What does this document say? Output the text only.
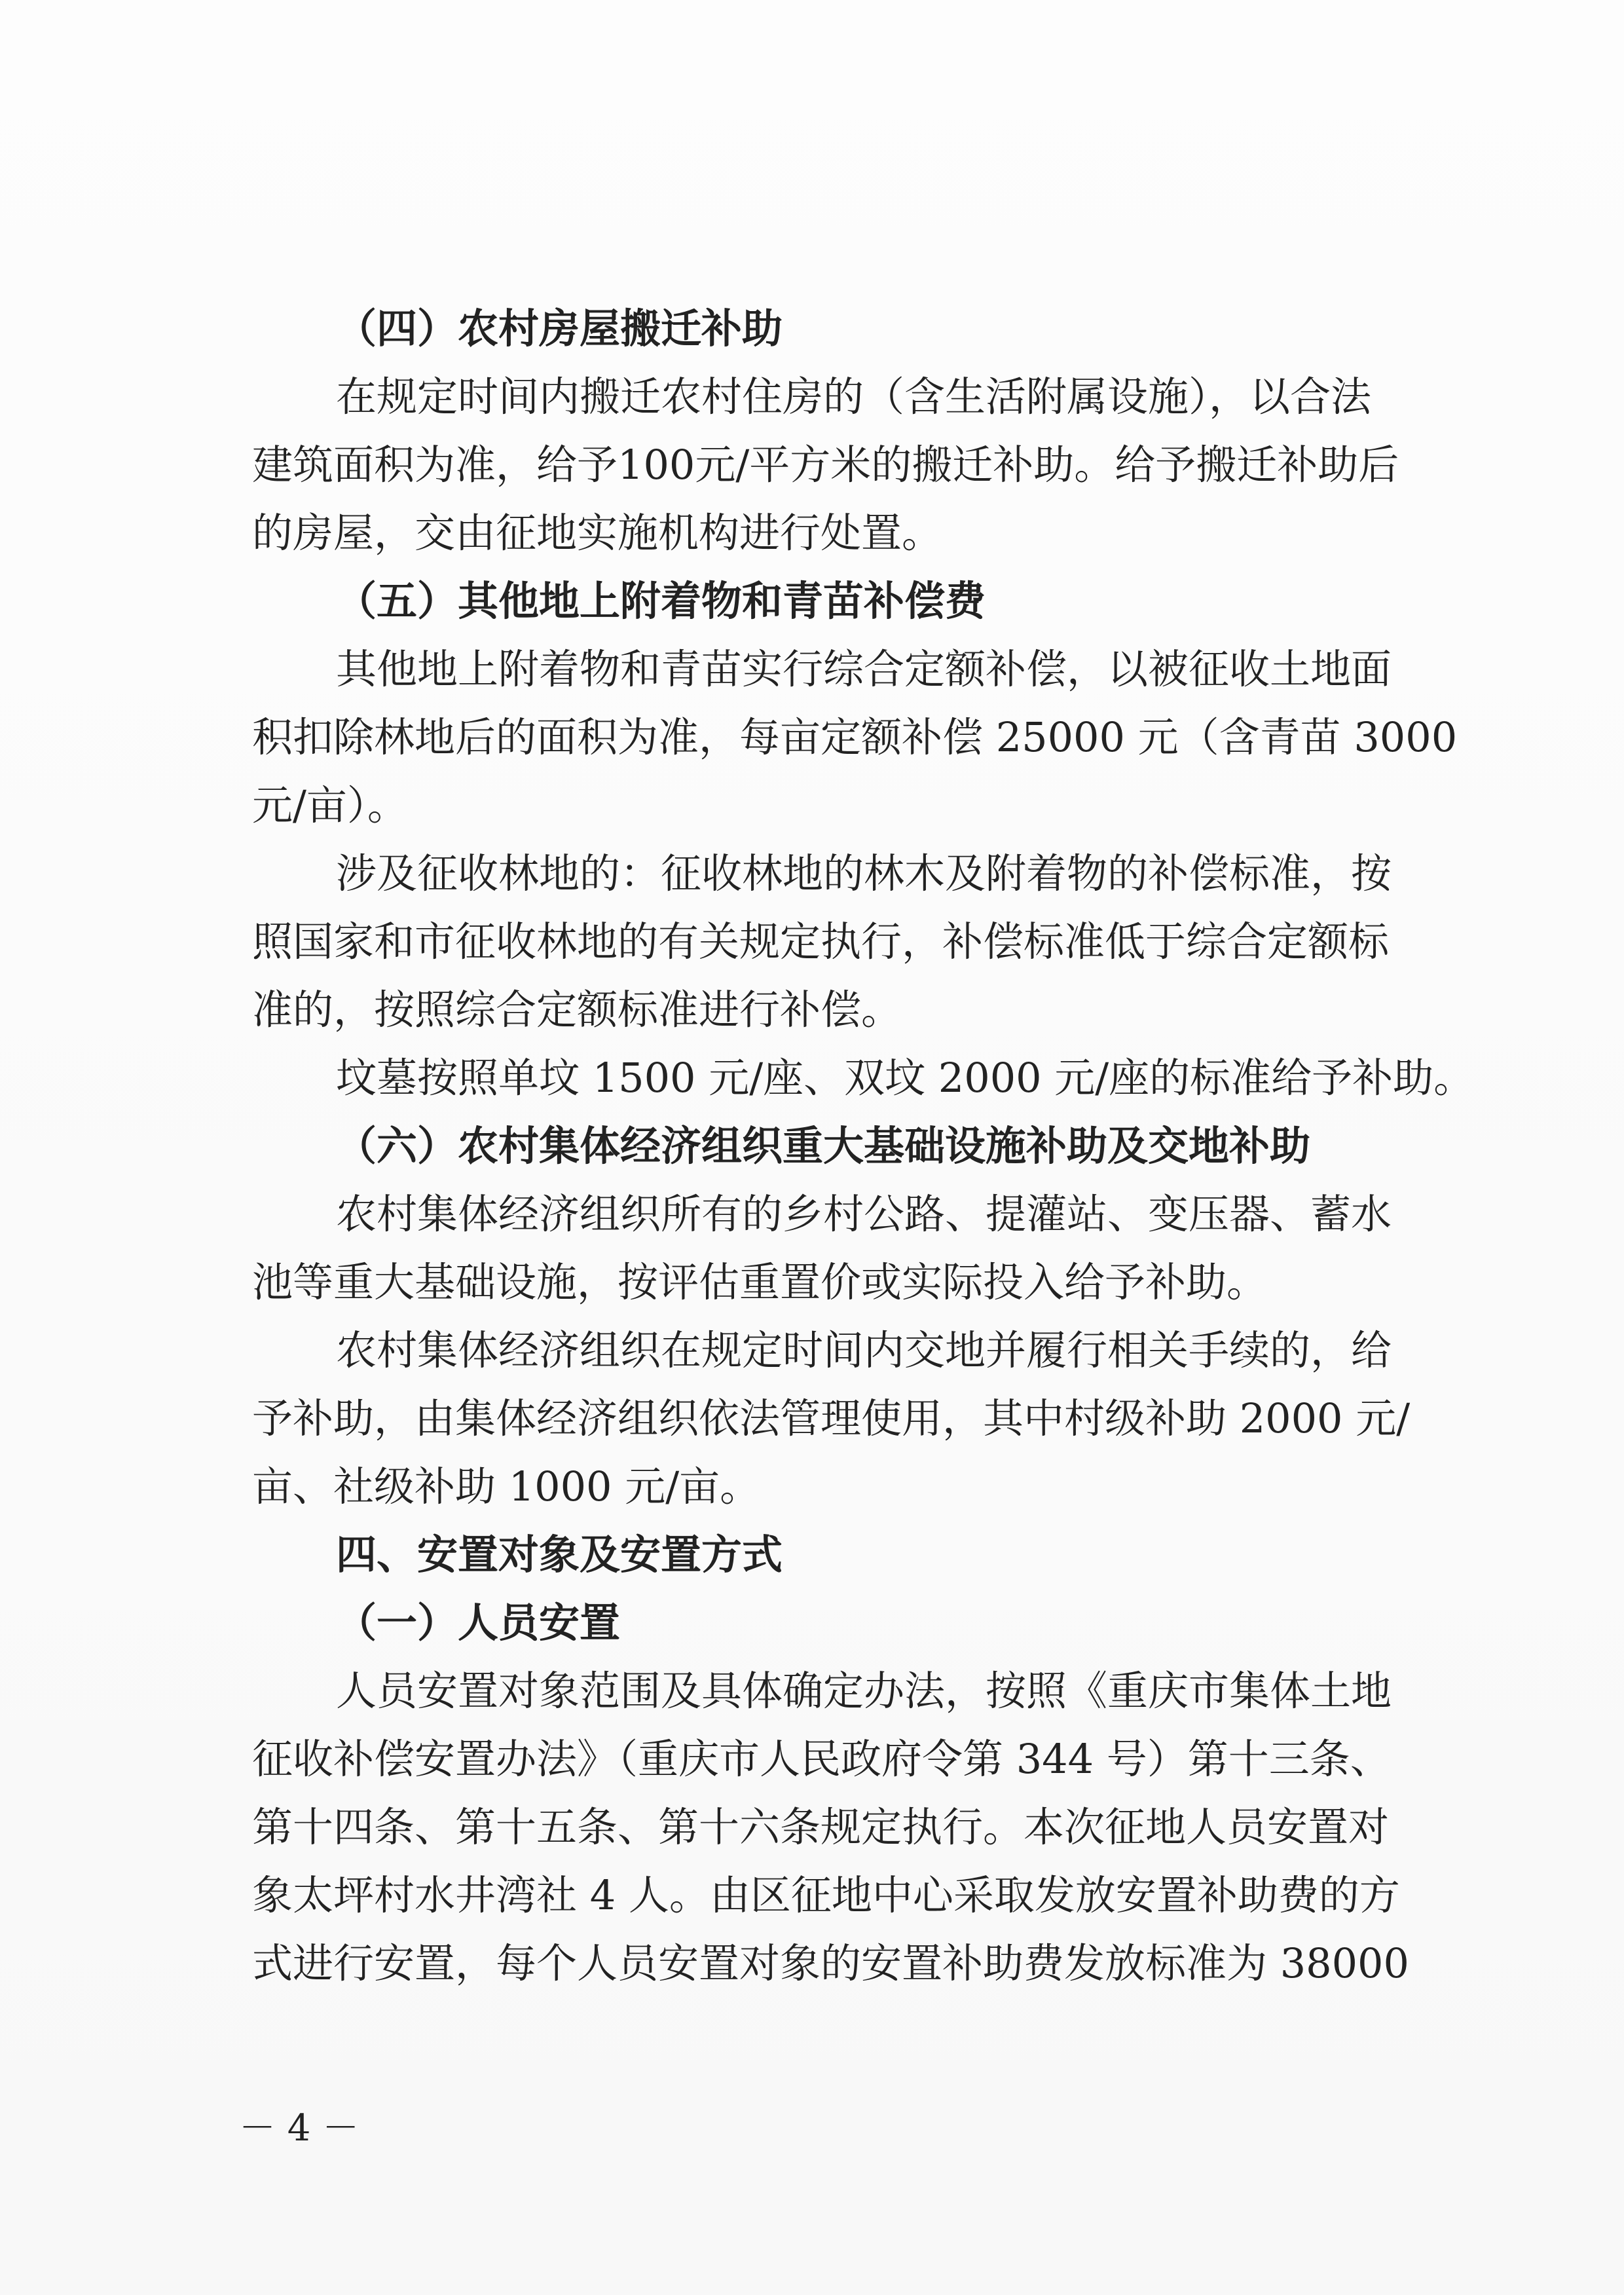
（四）农村房屋搬迁补助
在规定时间内搬迁农村住房的（含生活附属设施），以合法
建筑面积为准，给予100元/平方米的搬迁补助。给予搬迁补助后
的房屋，交由征地实施机构进行处置。
（五）其他地上附着物和青苗补偿费
其他地上附着物和青苗实行综合定额补偿，以被征收土地面
积扣除林地后的面积为准，每亩定额补偿 25000 元（含青苗 3000
元/亩）。
涉及征收林地的：征收林地的林木及附着物的补偿标准，按
照国家和市征收林地的有关规定执行，补偿标准低于综合定额标
准的，按照综合定额标准进行补偿。
坟墓按照单坟 1500 元/座、双坟 2000 元/座的标准给予补助。
（六）农村集体经济组织重大基础设施补助及交地补助
农村集体经济组织所有的乡村公路、提灌站、变压器、蓄水
池等重大基础设施，按评估重置价或实际投入给予补助。
农村集体经济组织在规定时间内交地并履行相关手续的，给
予补助，由集体经济组织依法管理使用，其中村级补助 2000 元/
亩、社级补助 1000 元/亩。
四、安置对象及安置方式
（一）人员安置
人员安置对象范围及具体确定办法，按照《重庆市集体土地
征收补偿安置办法》（重庆市人民政府令第 344 号）第十三条、
第十四条、第十五条、第十六条规定执行。本次征地人员安置对
象太坪村水井湾社 4 人。由区征地中心采取发放安置补助费的方
式进行安置，每个人员安置对象的安置补助费发放标准为 38000
－ 4 －
